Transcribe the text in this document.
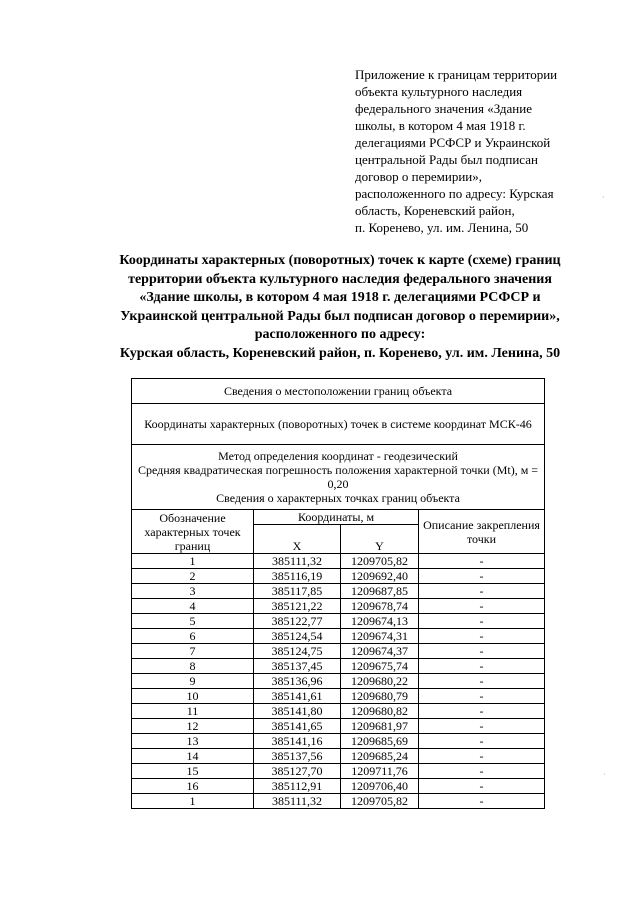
Приложение к границам территории
объекта культурного наследия
федерального значения «Здание
школы, в котором 4 мая 1918 г.
делегациями РСФСР и Украинской
центральной Рады был подписан
договор о перемирии»,
расположенного по адресу: Курская
область, Кореневский район,
п. Коренево, ул. им. Ленина, 50
Координаты характерных (поворотных) точек к карте (схеме) границ
территории объекта культурного наследия федерального значения
«Здание школы, в котором 4 мая 1918 г. делегациями РСФСР и
Украинской центральной Рады был подписан договор о перемирии»,
расположенного по адресу:
Курская область, Кореневский район, п. Коренево, ул. им. Ленина, 50
Сведения о местоположении границ объекта			
Координаты характерных (поворотных) точек в системе координат МСК-46			

Метод определения координат - геодезический
Средняя квадратическая погрешность положения характерной точки (Mt), м = 0,20
Сведения о характерных точках границ объекта			

Обозначение характерных точек границ	Координаты, м		Описание закрепления точки
	X	Y	
1	385111,32	1209705,82	-
2	385116,19	1209692,40	-
3	385117,85	1209687,85	-
4	385121,22	1209678,74	-
5	385122,77	1209674,13	-
6	385124,54	1209674,31	-
7	385124,75	1209674,37	-
8	385137,45	1209675,74	-
9	385136,96	1209680,22	-
10	385141,61	1209680,79	-
11	385141,80	1209680,82	-
12	385141,65	1209681,97	-
13	385141,16	1209685,69	-
14	385137,56	1209685,24	-
15	385127,70	1209711,76	-
16	385112,91	1209706,40	-
1	385111,32	1209705,82	-
·
·
